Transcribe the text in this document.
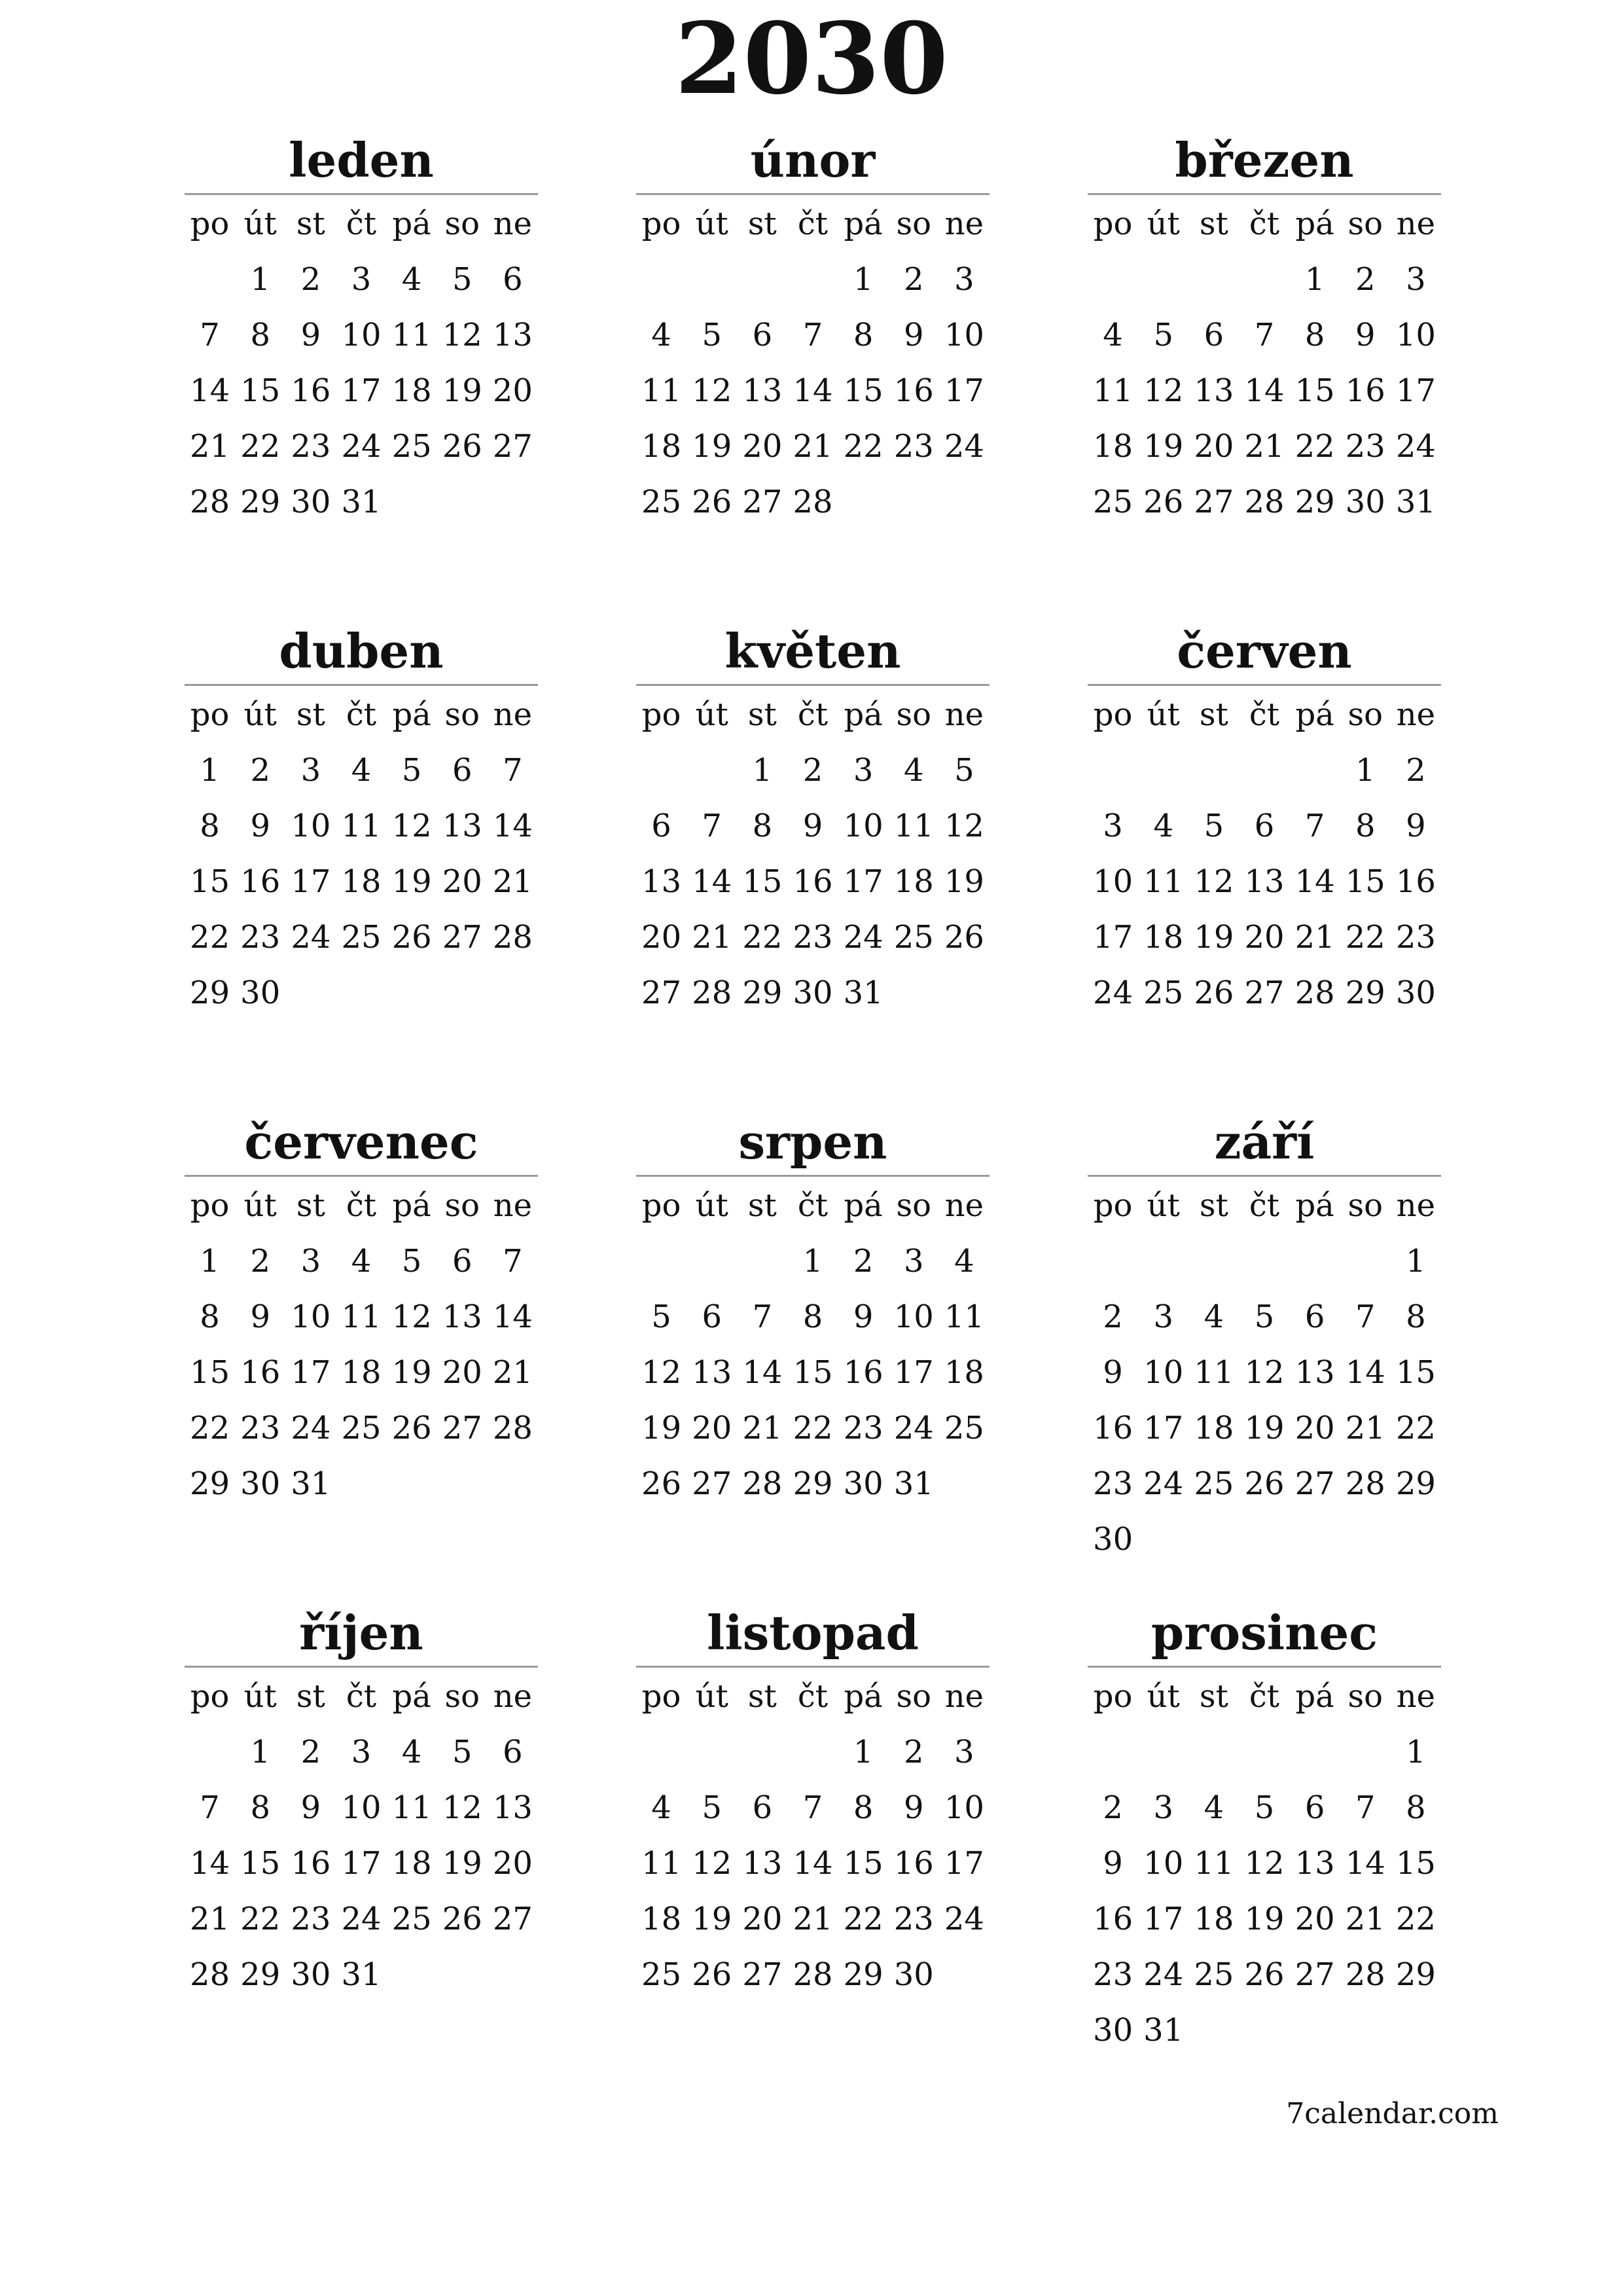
2030
leden
po út st čt pá so ne
1 2 3 4 5 6
7 8 9 10 11 12 13
14 15 16 17 18 19 20
21 22 23 24 25 26 27
28 29 30 31
únor
po út st čt pá so ne
1 2 3
4 5 6 7 8 9 10
11 12 13 14 15 16 17
18 19 20 21 22 23 24
25 26 27 28
březen
po út st čt pá so ne
1 2 3
4 5 6 7 8 9 10
11 12 13 14 15 16 17
18 19 20 21 22 23 24
25 26 27 28 29 30 31
duben
po út st čt pá so ne
1 2 3 4 5 6 7
8 9 10 11 12 13 14
15 16 17 18 19 20 21
22 23 24 25 26 27 28
29 30
květen
po út st čt pá so ne
1 2 3 4 5
6 7 8 9 10 11 12
13 14 15 16 17 18 19
20 21 22 23 24 25 26
27 28 29 30 31
červen
po út st čt pá so ne
1 2
3 4 5 6 7 8 9
10 11 12 13 14 15 16
17 18 19 20 21 22 23
24 25 26 27 28 29 30
červenec
po út st čt pá so ne
1 2 3 4 5 6 7
8 9 10 11 12 13 14
15 16 17 18 19 20 21
22 23 24 25 26 27 28
29 30 31
srpen
po út st čt pá so ne
1 2 3 4
5 6 7 8 9 10 11
12 13 14 15 16 17 18
19 20 21 22 23 24 25
26 27 28 29 30 31
září
po út st čt pá so ne
1
2 3 4 5 6 7 8
9 10 11 12 13 14 15
16 17 18 19 20 21 22
23 24 25 26 27 28 29
30
říjen
po út st čt pá so ne
1 2 3 4 5 6
7 8 9 10 11 12 13
14 15 16 17 18 19 20
21 22 23 24 25 26 27
28 29 30 31
listopad
po út st čt pá so ne
1 2 3
4 5 6 7 8 9 10
11 12 13 14 15 16 17
18 19 20 21 22 23 24
25 26 27 28 29 30
prosinec
po út st čt pá so ne
1
2 3 4 5 6 7 8
9 10 11 12 13 14 15
16 17 18 19 20 21 22
23 24 25 26 27 28 29
30 31
7calendar.com
